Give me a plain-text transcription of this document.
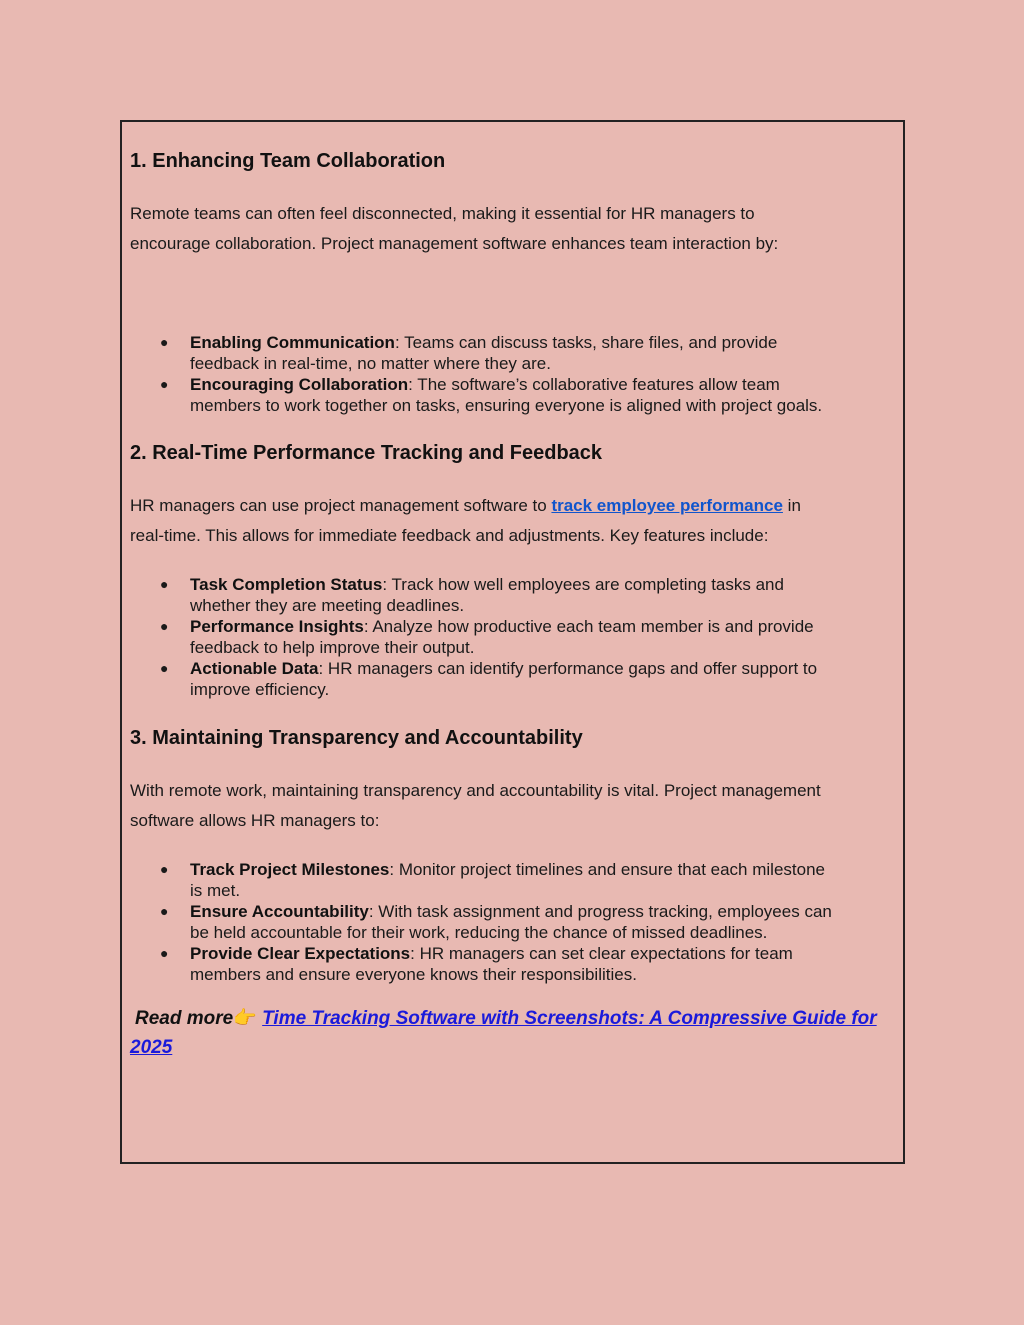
1. Enhancing Team Collaboration

Remote teams can often feel disconnected, making it essential for HR managers to
encourage collaboration. Project management software enhances team interaction by:

● Enabling Communication: Teams can discuss tasks, share files, and provide
feedback in real-time, no matter where they are.
● Encouraging Collaboration: The software’s collaborative features allow team
members to work together on tasks, ensuring everyone is aligned with project goals.
2. Real-Time Performance Tracking and Feedback

HR managers can use project management software to track employee performance in
real-time. This allows for immediate feedback and adjustments. Key features include:

● Task Completion Status: Track how well employees are completing tasks and
whether they are meeting deadlines.
● Performance Insights: Analyze how productive each team member is and provide
feedback to help improve their output.
● Actionable Data: HR managers can identify performance gaps and offer support to
improve efficiency.
3. Maintaining Transparency and Accountability

With remote work, maintaining transparency and accountability is vital. Project management
software allows HR managers to:

● Track Project Milestones: Monitor project timelines and ensure that each milestone
is met.
● Ensure Accountability: With task assignment and progress tracking, employees can
be held accountable for their work, reducing the chance of missed deadlines.
● Provide Clear Expectations: HR managers can set clear expectations for team
members and ensure everyone knows their responsibilities.
Read more👉 Time Tracking Software with Screenshots: A Compressive Guide for
2025
